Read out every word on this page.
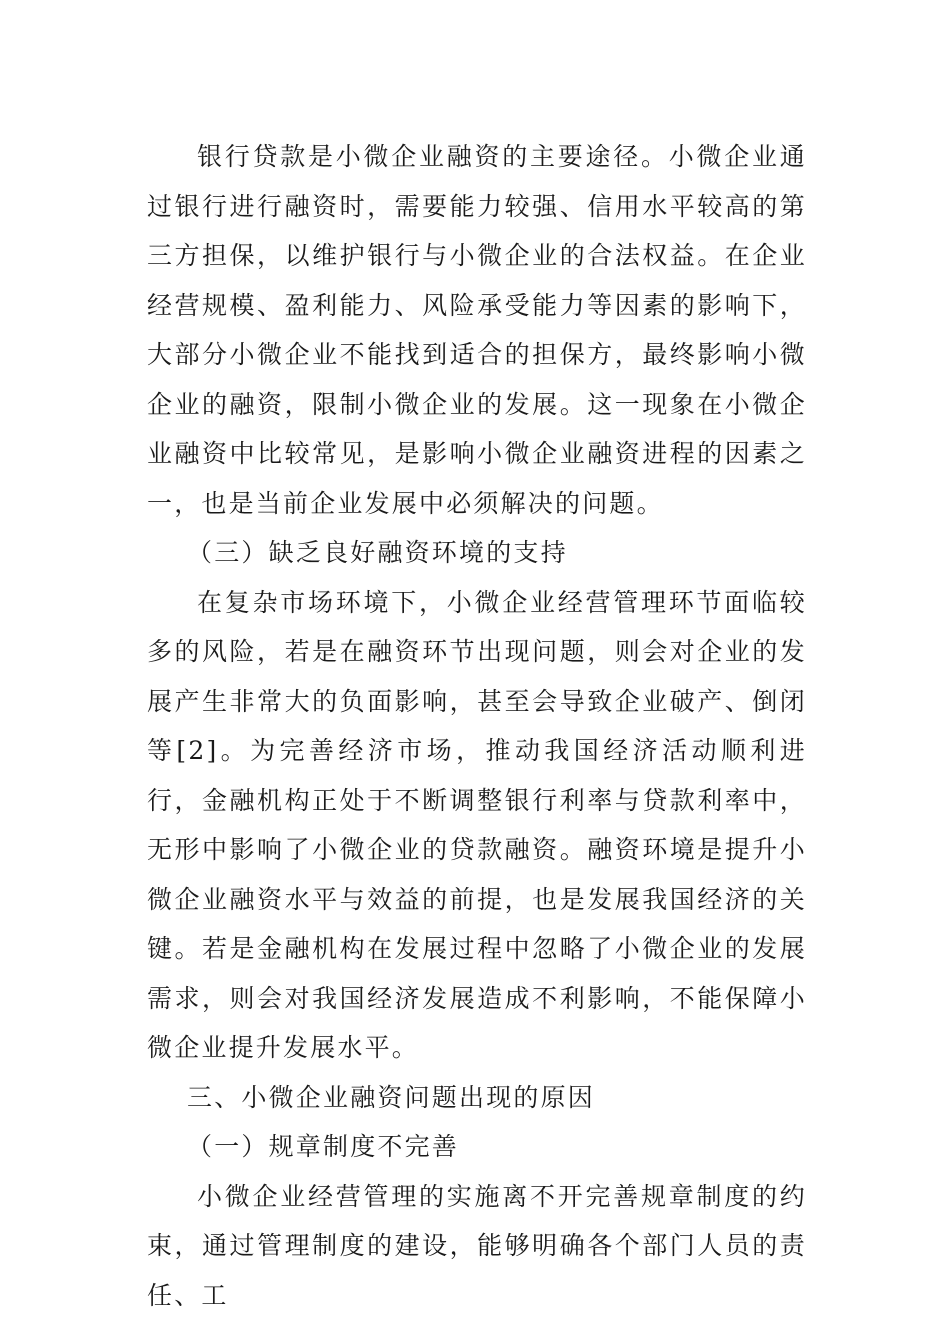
银行贷款是小微企业融资的主要途径。小微企业通过银行进行融资时，需要能力较强、信用水平较高的第三方担保，以维护银行与小微企业的合法权益。在企业经营规模、盈利能力、风险承受能力等因素的影响下，大部分小微企业不能找到适合的担保方，最终影响小微企业的融资，限制小微企业的发展。这一现象在小微企业融资中比较常见，是影响小微企业融资进程的因素之一，也是当前企业发展中必须解决的问题。

（三）缺乏良好融资环境的支持

在复杂市场环境下，小微企业经营管理环节面临较多的风险，若是在融资环节出现问题，则会对企业的发展产生非常大的负面影响，甚至会导致企业破产、倒闭等[2]。为完善经济市场，推动我国经济活动顺利进行，金融机构正处于不断调整银行利率与贷款利率中，无形中影响了小微企业的贷款融资。融资环境是提升小微企业融资水平与效益的前提，也是发展我国经济的关键。若是金融机构在发展过程中忽略了小微企业的发展需求，则会对我国经济发展造成不利影响，不能保障小微企业提升发展水平。

三、小微企业融资问题出现的原因

（一）规章制度不完善

小微企业经营管理的实施离不开完善规章制度的约束，通过管理制度的建设，能够明确各个部门人员的责任、工
